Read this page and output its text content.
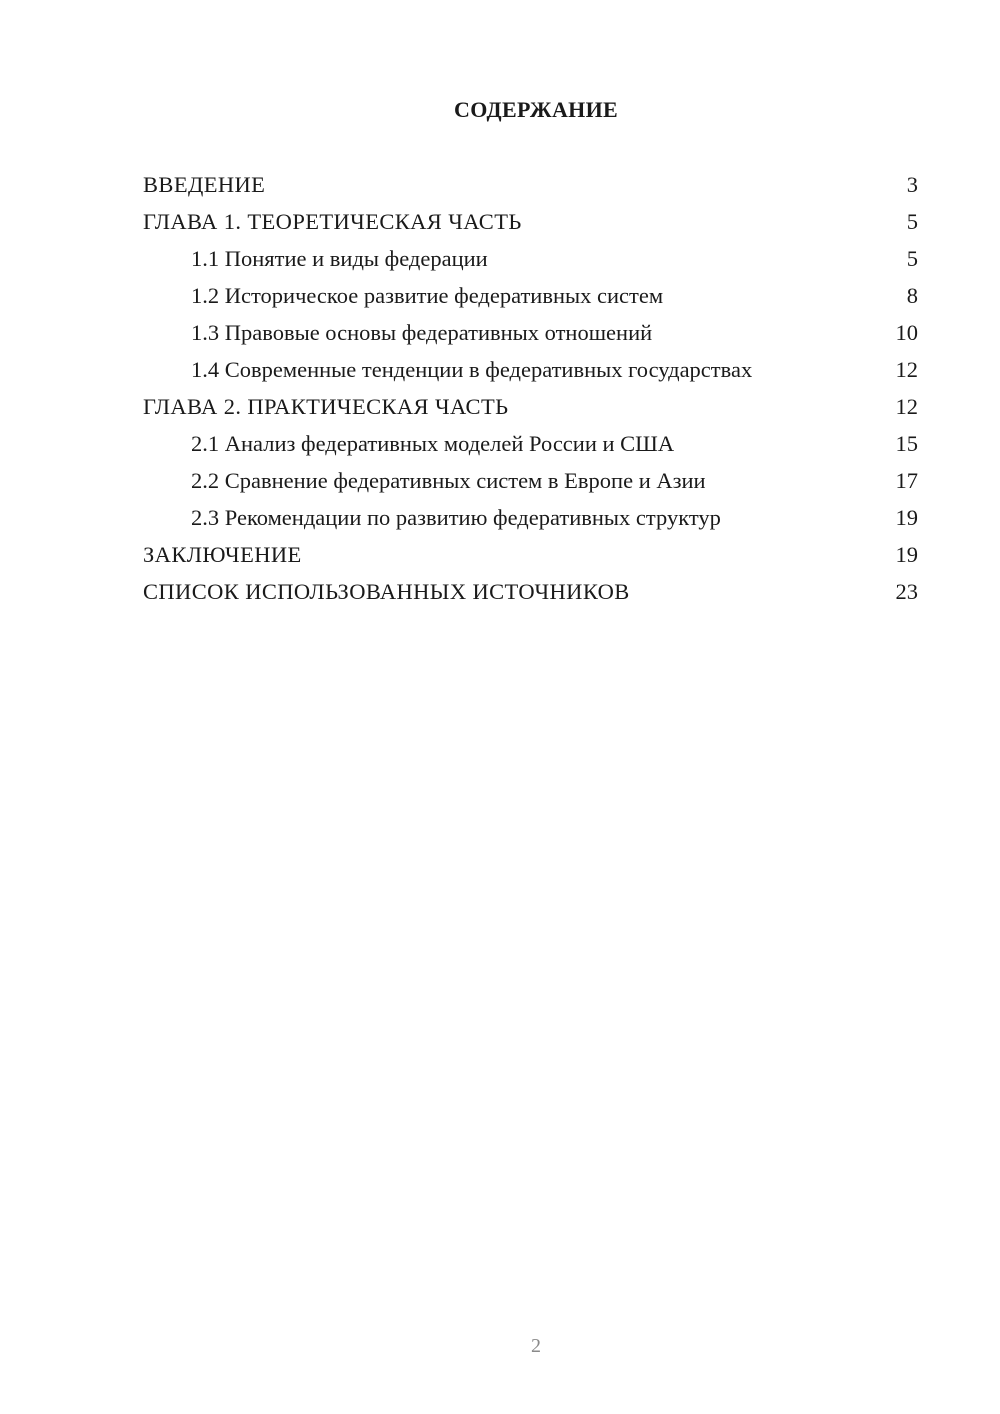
СОДЕРЖАНИЕ
ВВЕДЕНИЕ	3
ГЛАВА 1. ТЕОРЕТИЧЕСКАЯ ЧАСТЬ	5
1.1 Понятие и виды федерации	5
1.2 Историческое развитие федеративных систем	8
1.3 Правовые основы федеративных отношений	10
1.4 Современные тенденции в федеративных государствах	12
ГЛАВА 2. ПРАКТИЧЕСКАЯ ЧАСТЬ	12
2.1 Анализ федеративных моделей России и США	15
2.2 Сравнение федеративных систем в Европе и Азии	17
2.3 Рекомендации по развитию федеративных структур	19
ЗАКЛЮЧЕНИЕ	19
СПИСОК ИСПОЛЬЗОВАННЫХ ИСТОЧНИКОВ	23
2
